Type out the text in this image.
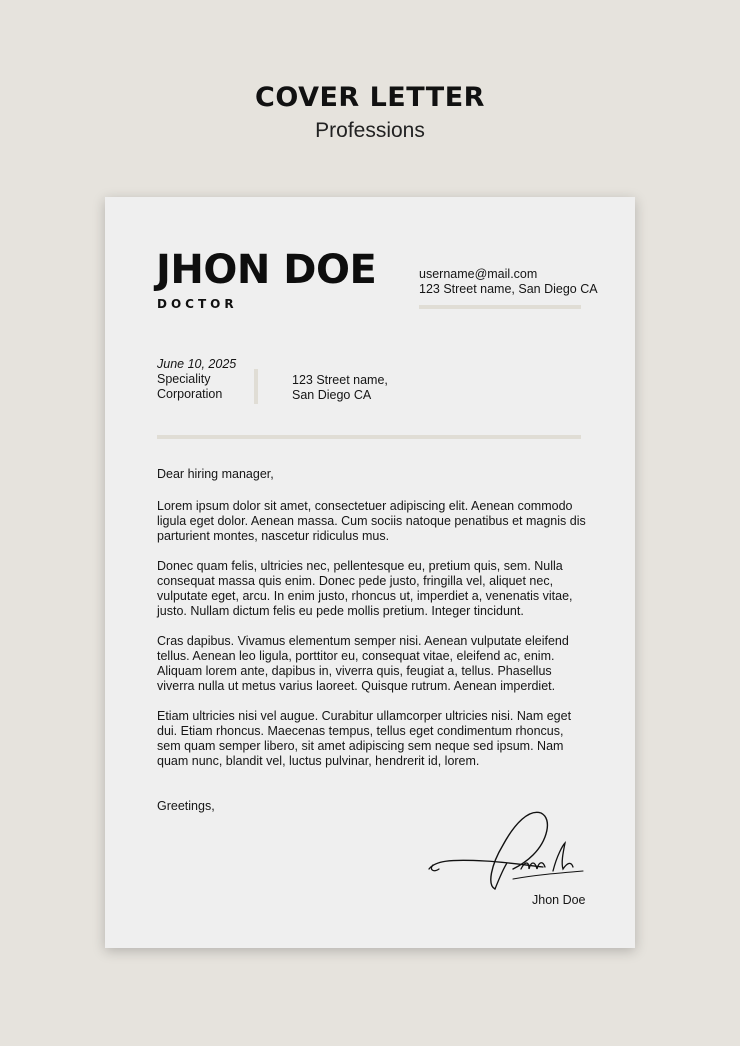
COVER LETTER
Professions
JHON DOE
DOCTOR
username@mail.com
123 Street name, San Diego CA
June 10, 2025
Speciality
Corporation
123 Street name,
San Diego CA
Dear hiring manager,

Lorem ipsum dolor sit amet, consectetuer adipiscing elit. Aenean commodo ligula eget dolor. Aenean massa. Cum sociis natoque penatibus et magnis dis parturient montes, nascetur ridiculus mus.

Donec quam felis, ultricies nec, pellentesque eu, pretium quis, sem. Nulla consequat massa quis enim. Donec pede justo, fringilla vel, aliquet nec, vulputate eget, arcu. In enim justo, rhoncus ut, imperdiet a, venenatis vitae, justo. Nullam dictum felis eu pede mollis pretium. Integer tincidunt.

Cras dapibus. Vivamus elementum semper nisi. Aenean vulputate eleifend tellus. Aenean leo ligula, porttitor eu, consequat vitae, eleifend ac, enim. Aliquam lorem ante, dapibus in, viverra quis, feugiat a, tellus. Phasellus viverra nulla ut metus varius laoreet. Quisque rutrum. Aenean imperdiet.

Etiam ultricies nisi vel augue. Curabitur ullamcorper ultricies nisi. Nam eget dui. Etiam rhoncus. Maecenas tempus, tellus eget condimentum rhoncus, sem quam semper libero, sit amet adipiscing sem neque sed ipsum. Nam quam nunc, blandit vel, luctus pulvinar, hendrerit id, lorem.

Greetings,
Jhon Doe
